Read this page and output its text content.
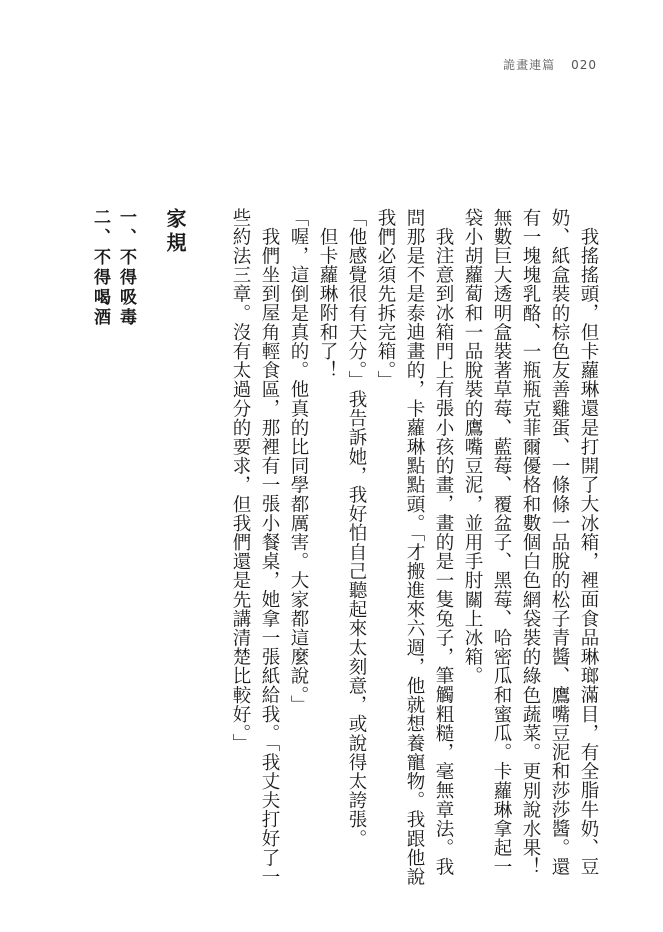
詭畫連篇 020

我搖搖頭，但卡蘿琳還是打開了大冰箱，裡面食品琳瑯滿目，有全脂牛奶、豆奶、紙盒裝的棕色友善雞蛋、一條條一品脫的松子青醬、鷹嘴豆泥和莎莎醬。還有一塊塊乳酪、一瓶瓶克菲爾優格和數個白色網袋裝的綠色蔬菜。更別說水果！無數巨大透明盒裝著草莓、藍莓、覆盆子、黑莓、哈密瓜和蜜瓜。卡蘿琳拿起一袋小胡蘿蔔和一品脫裝的鷹嘴豆泥，並用手肘關上冰箱。

我注意到冰箱門上有張小孩的畫，畫的是一隻兔子，筆觸粗糙，毫無章法。我問那是不是泰迪畫的，卡蘿琳點點頭。「才搬進來六週，他就想養寵物。我跟他說我們必須先拆完箱。」

「他感覺很有天分。」我告訴她，我好怕自己聽起來太刻意，或說得太誇張。

但卡蘿琳附和了！

「喔，這倒是真的。他真的比同學都厲害。大家都這麼說。」

我們坐到屋角輕食區，那裡有一張小餐桌，她拿一張紙給我。「我丈夫打好了一些約法三章。沒有太過分的要求，但我們還是先講清楚比較好。」

家規

一、不得吸毒

二、不得喝酒
